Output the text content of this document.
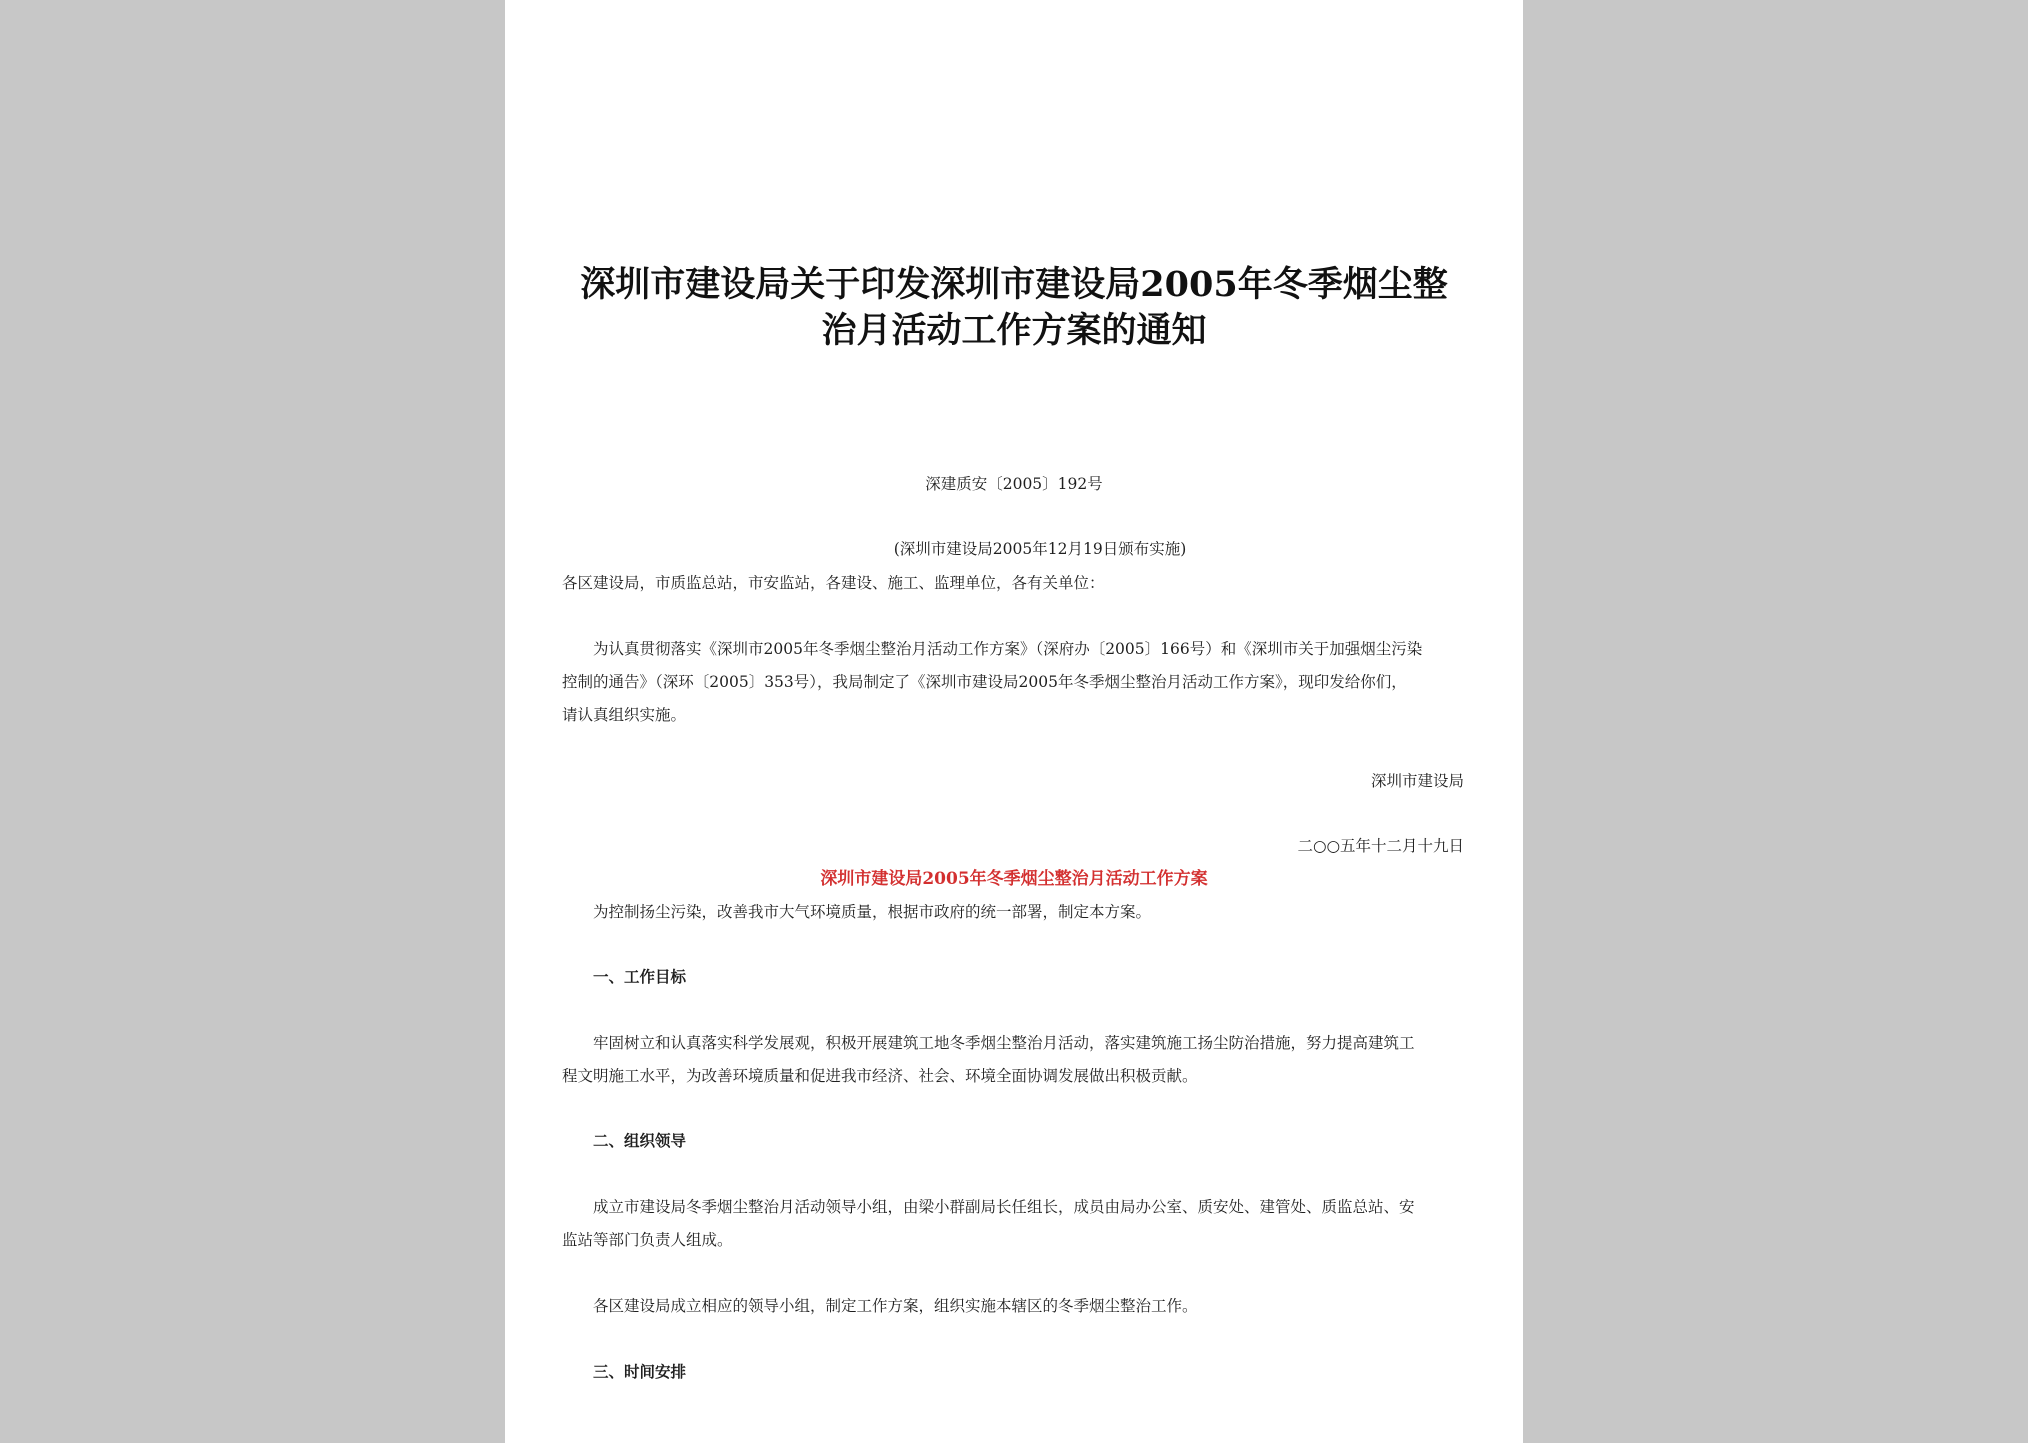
深圳市建设局关于印发深圳市建设局2005年冬季烟尘整
治月活动工作方案的通知
深建质安〔2005〕192号
(深圳市建设局2005年12月19日颁布实施)
各区建设局，市质监总站，市安监站，各建设、施工、监理单位，各有关单位：
为认真贯彻落实《深圳市2005年冬季烟尘整治月活动工作方案》（深府办〔2005〕166号）和《深圳市关于加强烟尘污染
控制的通告》（深环〔2005〕353号），我局制定了《深圳市建设局2005年冬季烟尘整治月活动工作方案》，现印发给你们，
请认真组织实施。
深圳市建设局
二○○五年十二月十九日
深圳市建设局2005年冬季烟尘整治月活动工作方案
为控制扬尘污染，改善我市大气环境质量，根据市政府的统一部署，制定本方案。
一、工作目标
牢固树立和认真落实科学发展观，积极开展建筑工地冬季烟尘整治月活动，落实建筑施工扬尘防治措施，努力提高建筑工
程文明施工水平，为改善环境质量和促进我市经济、社会、环境全面协调发展做出积极贡献。
二、组织领导
成立市建设局冬季烟尘整治月活动领导小组，由梁小群副局长任组长，成员由局办公室、质安处、建管处、质监总站、安
监站等部门负责人组成。
各区建设局成立相应的领导小组，制定工作方案，组织实施本辖区的冬季烟尘整治工作。
三、时间安排
